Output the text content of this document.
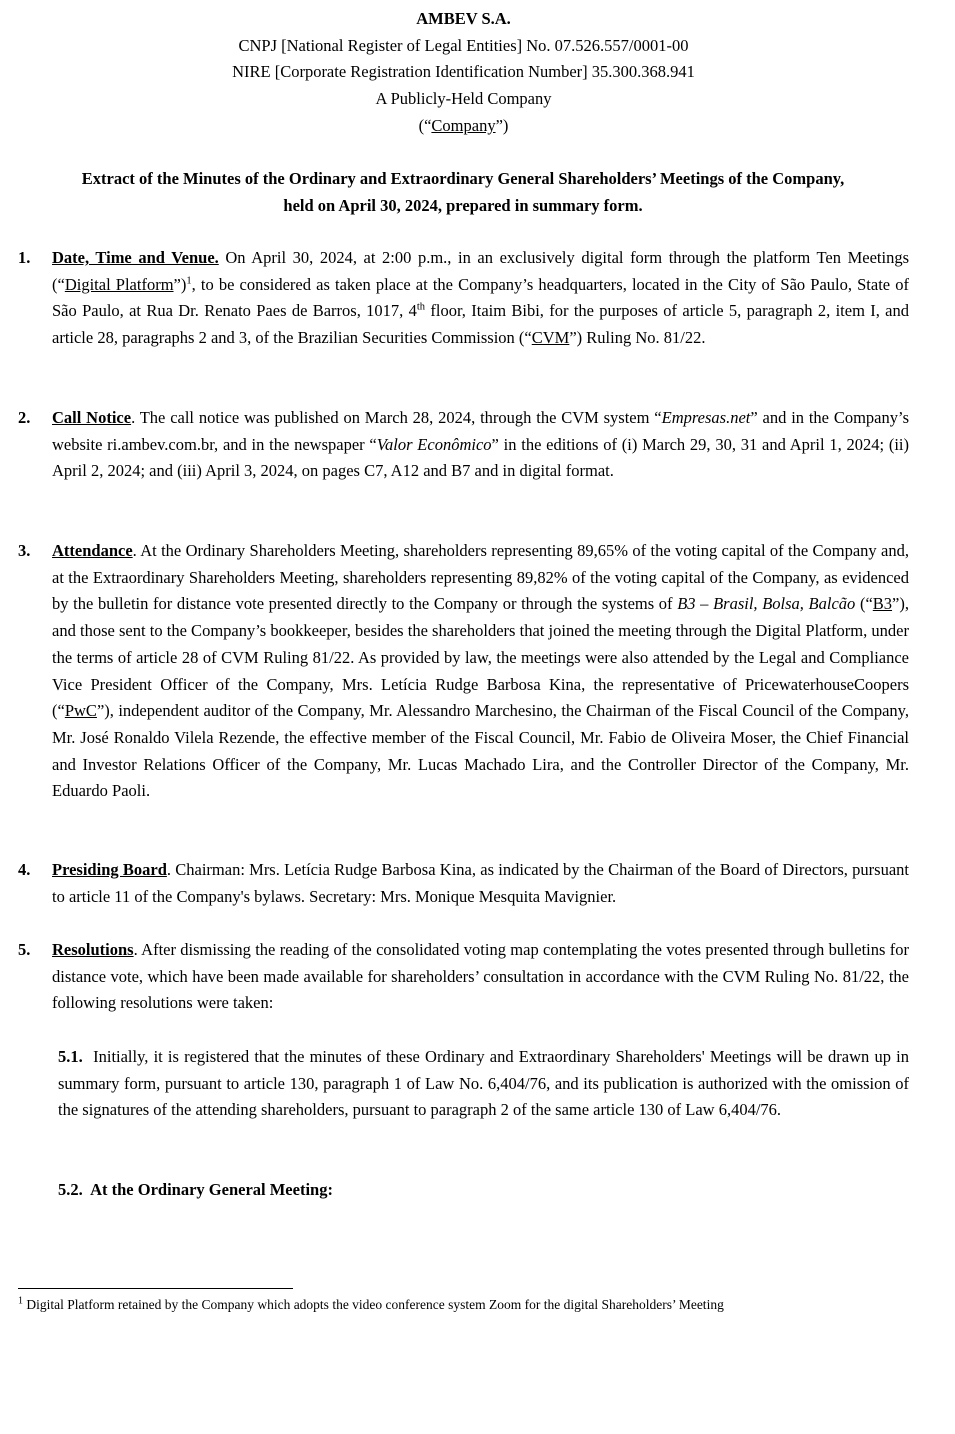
AMBEV S.A.
CNPJ [National Register of Legal Entities] No. 07.526.557/0001-00
NIRE [Corporate Registration Identification Number] 35.300.368.941
A Publicly-Held Company
(“Company”)
Extract of the Minutes of the Ordinary and Extraordinary General Shareholders’ Meetings of the Company,
held on April 30, 2024, prepared in summary form.
1. Date, Time and Venue. On April 30, 2024, at 2:00 p.m., in an exclusively digital form through the platform Ten Meetings (“Digital Platform”)$^1$, to be considered as taken place at the Company’s headquarters, located in the City of São Paulo, State of São Paulo, at Rua Dr. Renato Paes de Barros, 1017, 4th floor, Itaim Bibi, for the purposes of article 5, paragraph 2, item I, and article 28, paragraphs 2 and 3, of the Brazilian Securities Commission (“CVM”) Ruling No. 81/22.
2. Call Notice. The call notice was published on March 28, 2024, through the CVM system “Empresas.net” and in the Company’s website ri.ambev.com.br, and in the newspaper “Valor Econômico” in the editions of (i) March 29, 30, 31 and April 1, 2024; (ii) April 2, 2024; and (iii) April 3, 2024, on pages C7, A12 and B7 and in digital format.
3. Attendance. At the Ordinary Shareholders Meeting, shareholders representing 89,65% of the voting capital of the Company and, at the Extraordinary Shareholders Meeting, shareholders representing 89,82% of the voting capital of the Company, as evidenced by the bulletin for distance vote presented directly to the Company or through the systems of B3 – Brasil, Bolsa, Balcão (“B3”), and those sent to the Company’s bookkeeper, besides the shareholders that joined the meeting through the Digital Platform, under the terms of article 28 of CVM Ruling 81/22. As provided by law, the meetings were also attended by the Legal and Compliance Vice President Officer of the Company, Mrs. Letícia Rudge Barbosa Kina, the representative of PricewaterhouseCoopers (“PwC”), independent auditor of the Company, Mr. Alessandro Marchesino, the Chairman of the Fiscal Council of the Company, Mr. José Ronaldo Vilela Rezende, the effective member of the Fiscal Council, Mr. Fabio de Oliveira Moser, the Chief Financial and Investor Relations Officer of the Company, Mr. Lucas Machado Lira, and the Controller Director of the Company, Mr. Eduardo Paoli.
4. Presiding Board. Chairman: Mrs. Letícia Rudge Barbosa Kina, as indicated by the Chairman of the Board of Directors, pursuant to article 11 of the Company's bylaws. Secretary: Mrs. Monique Mesquita Mavignier.
5. Resolutions. After dismissing the reading of the consolidated voting map contemplating the votes presented through bulletins for distance vote, which have been made available for shareholders’ consultation in accordance with the CVM Ruling No. 81/22, the following resolutions were taken:
5.1. Initially, it is registered that the minutes of these Ordinary and Extraordinary Shareholders' Meetings will be drawn up in summary form, pursuant to article 130, paragraph 1 of Law No. 6,404/76, and its publication is authorized with the omission of the signatures of the attending shareholders, pursuant to paragraph 2 of the same article 130 of Law 6,404/76.
5.2. At the Ordinary General Meeting:
$^1$ Digital Platform retained by the Company which adopts the video conference system Zoom for the digital Shareholders’ Meeting
